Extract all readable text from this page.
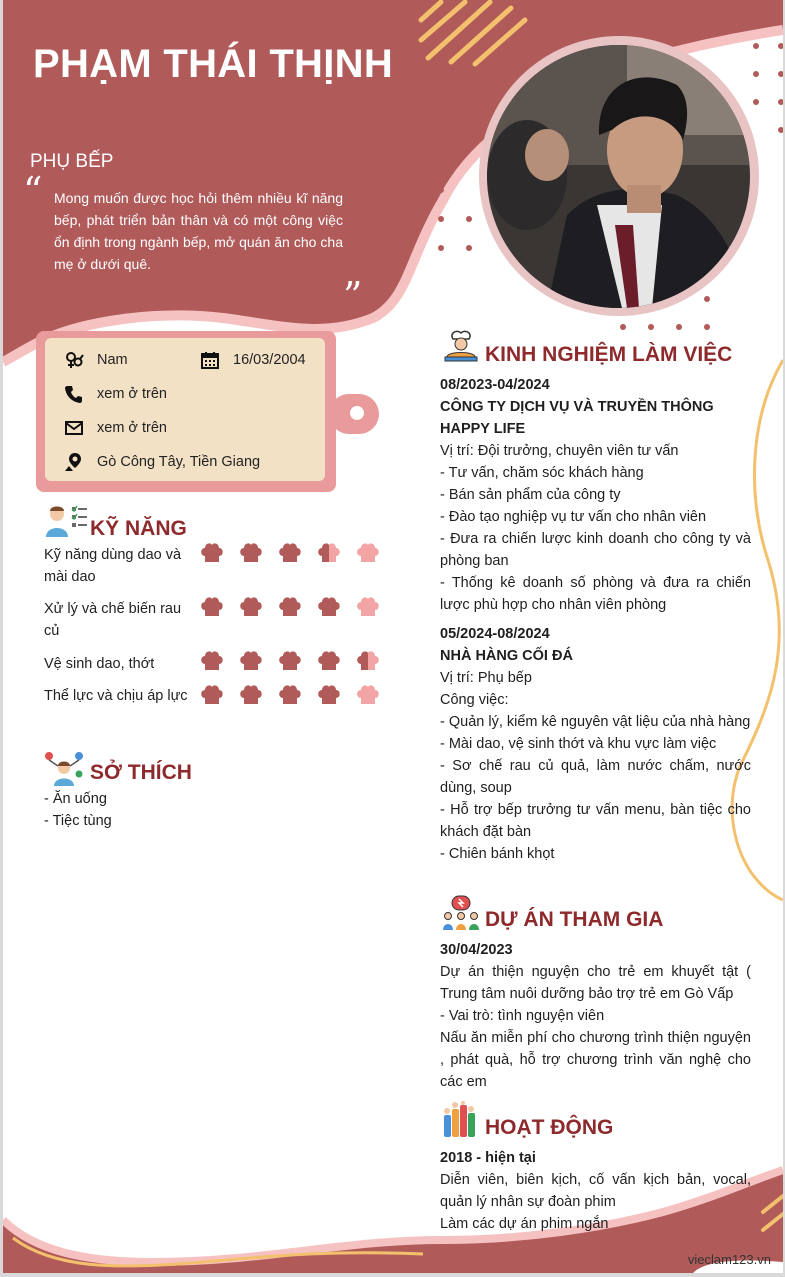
PHẠM THÁI THỊNH
PHỤ BẾP
“ Mong muốn được học hỏi thêm nhiều kĩ năng bếp, phát triển bản thân và có một công việc ổn định trong ngành bếp, mở quán ăn cho cha mẹ ở dưới quê.
”
Nam	16/03/2004
xem ở trên
xem ở trên
Gò Công Tây, Tiền Giang
KỸ NĂNG
Kỹ năng dùng dao và mài dao
Xử lý và chế biến rau củ
Vệ sinh dao, thớt
Thể lực và chịu áp lực
SỞ THÍCH
- Ăn uống
- Tiệc tùng
KINH NGHIỆM LÀM VIỆC
08/2023-04/2024
CÔNG TY DỊCH VỤ VÀ TRUYỀN THÔNG HAPPY LIFE
Vị trí: Đội trưởng, chuyên viên tư vấn
- Tư vấn, chăm sóc khách hàng
- Bán sản phẩm của công ty
- Đào tạo nghiệp vụ tư vấn cho nhân viên
- Đưa ra chiến lược kinh doanh cho công ty và phòng ban
- Thống kê doanh số phòng và đưa ra chiến lược phù hợp cho nhân viên phòng
05/2024-08/2024
NHÀ HÀNG CỐI ĐÁ
Vị trí: Phụ bếp
Công việc:
- Quản lý, kiểm kê nguyên vật liệu của nhà hàng
- Mài dao, vệ sinh thớt và khu vực làm việc
- Sơ chế rau củ quả, làm nước chấm, nước dùng, soup
- Hỗ trợ bếp trưởng tư vấn menu, bàn tiệc cho khách đặt bàn
- Chiên bánh khọt
DỰ ÁN THAM GIA
30/04/2023
Dự án thiện nguyện cho trẻ em khuyết tật ( Trung tâm nuôi dưỡng bảo trợ trẻ em Gò Vấp
- Vai trò: tình nguyện viên
Nấu ăn miễn phí cho chương trình thiện nguyện , phát quà, hỗ trợ chương trình văn nghệ cho các em
HOẠT ĐỘNG
2018 - hiện tại
Diễn viên, biên kịch, cố vấn kịch bản, vocal, quản lý nhân sự đoàn phim
Làm các dự án phim ngắn
vieclam123.vn
